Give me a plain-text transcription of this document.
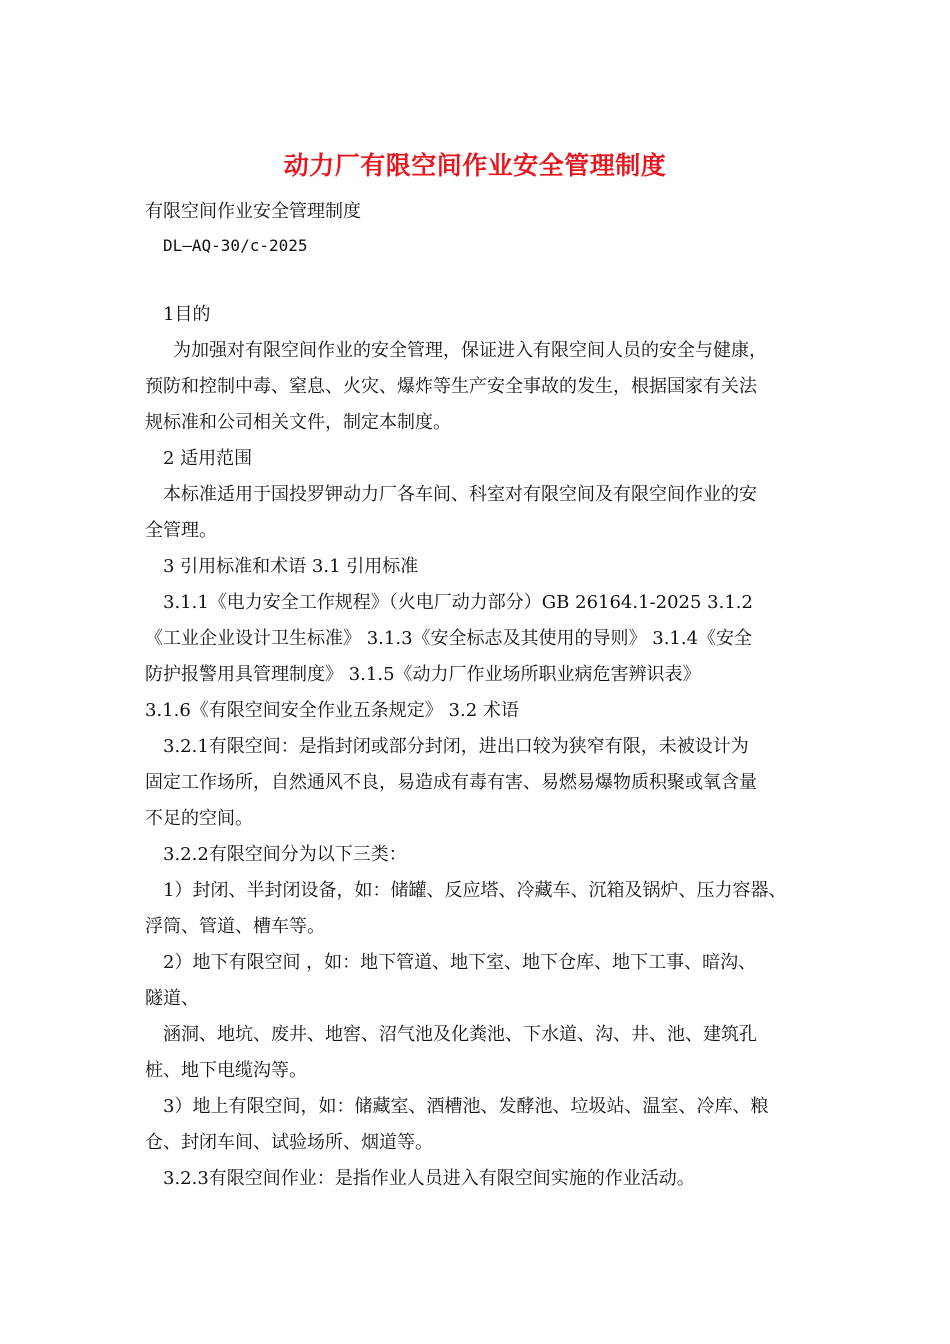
动力厂有限空间作业安全管理制度
有限空间作业安全管理制度
DL—AQ-30/c-2025
1目的
为加强对有限空间作业的安全管理，保证进入有限空间人员的安全与健康，
预防和控制中毒、窒息、火灾、爆炸等生产安全事故的发生，根据国家有关法
规标准和公司相关文件，制定本制度。
2 适用范围
本标准适用于国投罗钾动力厂各车间、科室对有限空间及有限空间作业的安
全管理。
3 引用标准和术语 3.1 引用标准
3.1.1《电力安全工作规程》（火电厂动力部分）GB 26164.1-2025 3.1.2
《工业企业设计卫生标准》 3.1.3《安全标志及其使用的导则》 3.1.4《安全
防护报警用具管理制度》 3.1.5《动力厂作业场所职业病危害辨识表》
3.1.6《有限空间安全作业五条规定》 3.2 术语
3.2.1有限空间：是指封闭或部分封闭，进出口较为狭窄有限，未被设计为
固定工作场所，自然通风不良，易造成有毒有害、易燃易爆物质积聚或氧含量
不足的空间。
3.2.2有限空间分为以下三类：
1）封闭、半封闭设备，如：储罐、反应塔、冷藏车、沉箱及锅炉、压力容器、
浮筒、管道、槽车等。
2）地下有限空间 ，如：地下管道、地下室、地下仓库、地下工事、暗沟、
隧道、
涵洞、地坑、废井、地窖、沼气池及化粪池、下水道、沟、井、池、建筑孔
桩、地下电缆沟等。
3）地上有限空间，如：储藏室、酒槽池、发酵池、垃圾站、温室、冷库、粮
仓、封闭车间、试验场所、烟道等。
3.2.3有限空间作业：是指作业人员进入有限空间实施的作业活动。
